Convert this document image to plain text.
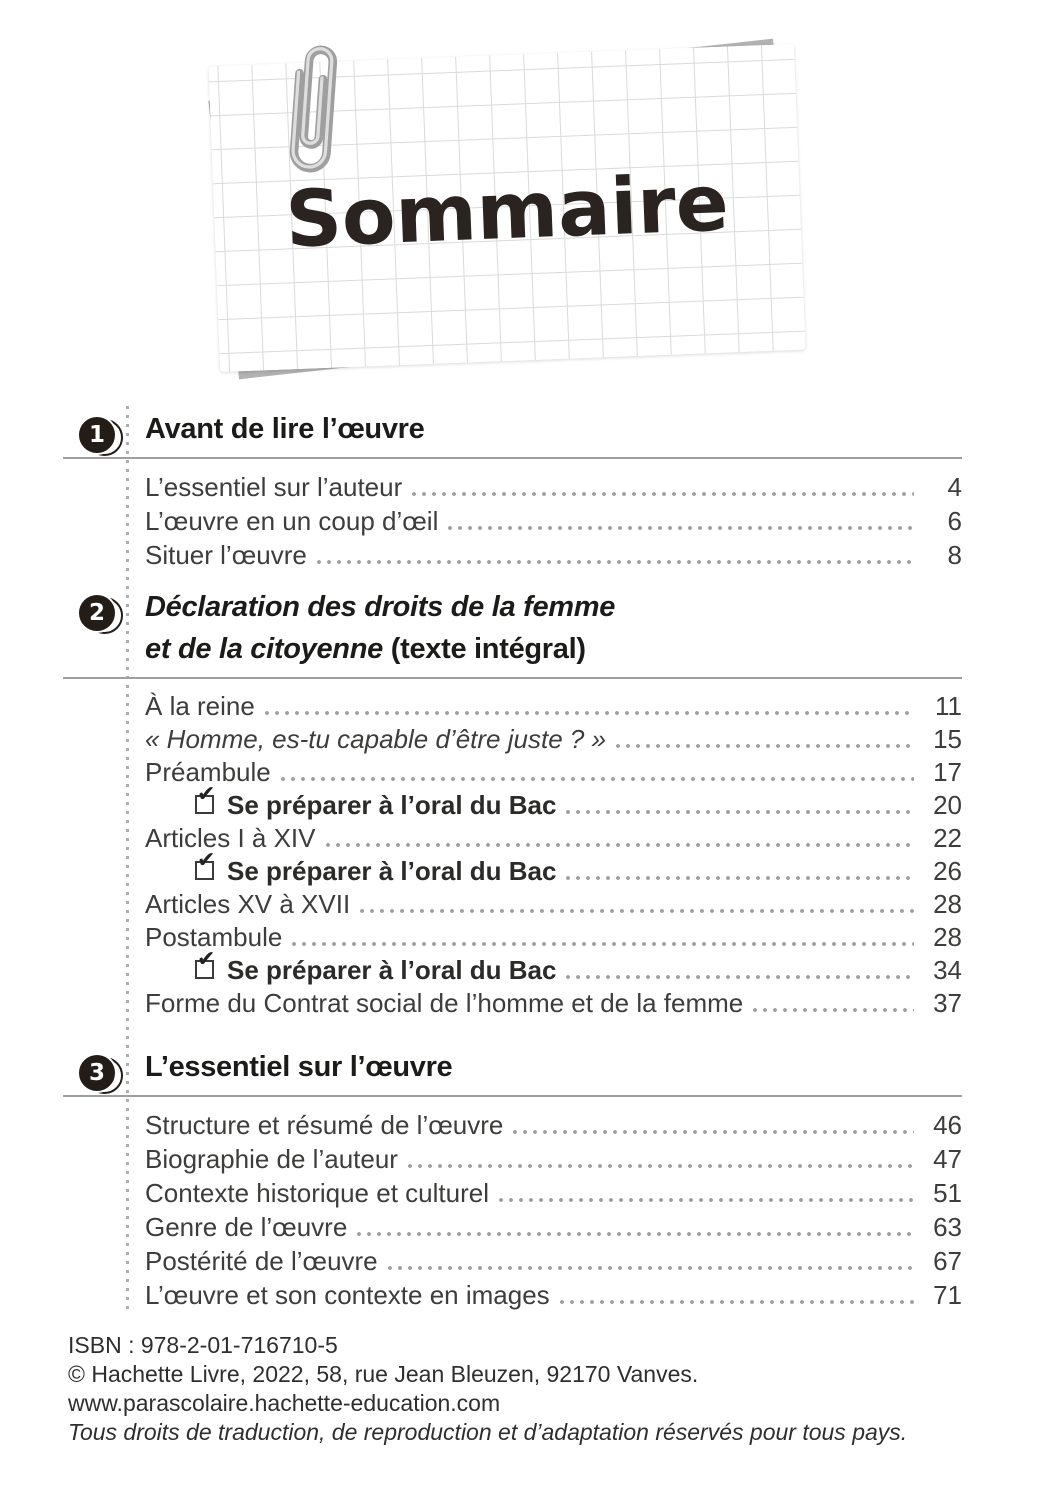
Sommaire
1	Avant de lire l’œuvre
L’essentiel sur l’auteur	4
L’œuvre en un coup d’œil	6
Situer l’œuvre	8
2	Déclaration des droits de la femme
et de la citoyenne (texte intégral)
À la reine	11
« Homme, es-tu capable d’être juste ? »	15
Préambule	17
✔ Se préparer à l’oral du Bac	20
Articles I à XIV	22
✔ Se préparer à l’oral du Bac	26
Articles XV à XVII	28
Postambule	28
✔ Se préparer à l’oral du Bac	34
Forme du Contrat social de l’homme et de la femme	37
3	L’essentiel sur l’œuvre
Structure et résumé de l’œuvre	46
Biographie de l’auteur	47
Contexte historique et culturel	51
Genre de l’œuvre	63
Postérité de l’œuvre	67
L’œuvre et son contexte en images	71
ISBN : 978-2-01-716710-5
© Hachette Livre, 2022, 58, rue Jean Bleuzen, 92170 Vanves.
www.parascolaire.hachette-education.com
Tous droits de traduction, de reproduction et d’adaptation réservés pour tous pays.
